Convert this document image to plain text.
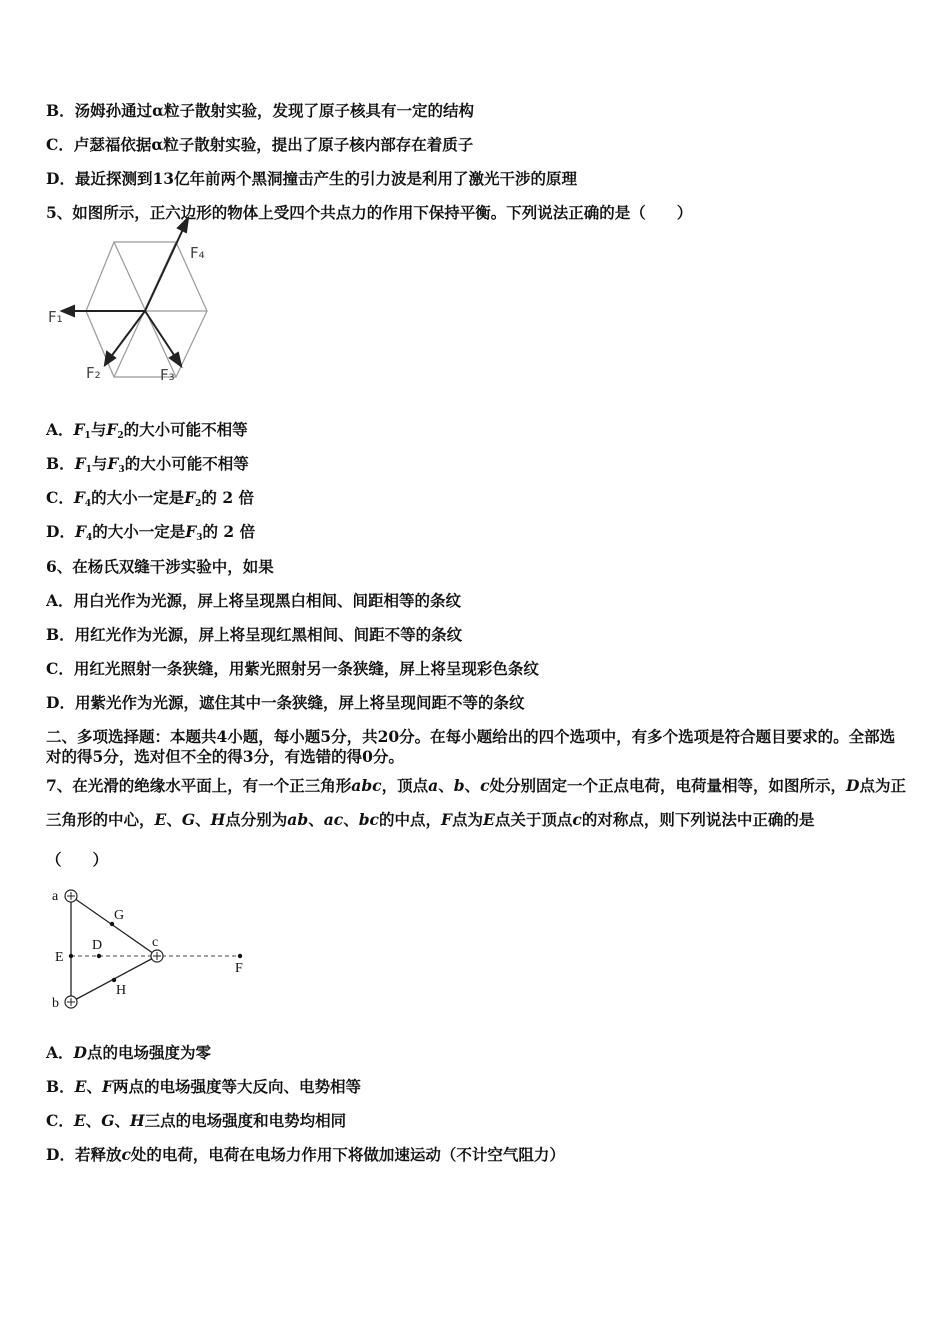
B．汤姆孙通过α粒子散射实验，发现了原子核具有一定的结构
C．卢瑟福依据α粒子散射实验，提出了原子核内部存在着质子
D．最近探测到13亿年前两个黑洞撞击产生的引力波是利用了激光干涉的原理
5、如图所示，正六边形的物体上受四个共点力的作用下保持平衡。下列说法正确的是（　　）
F₄
F₁
F₂	F₃
A．$F_1$与$F_2$的大小可能不相等
B．$F_1$与$F_3$的大小可能不相等
C．$F_4$的大小一定是$F_2$的 2 倍
D．$F_4$的大小一定是$F_3$的 2 倍
6、在杨氏双缝干涉实验中，如果
A．用白光作为光源，屏上将呈现黑白相间、间距相等的条纹
B．用红光作为光源，屏上将呈现红黑相间、间距不等的条纹
C．用红光照射一条狭缝，用紫光照射另一条狭缝，屏上将呈现彩色条纹
D．用紫光作为光源，遮住其中一条狭缝，屏上将呈现间距不等的条纹
二、多项选择题：本题共4小题，每小题5分，共20分。在每小题给出的四个选项中，有多个选项是符合题目要求的。全部选对的得5分，选对但不全的得3分，有选错的得0分。
7、在光滑的绝缘水平面上，有一个正三角形abc，顶点a、b、c处分别固定一个正点电荷，电荷量相等，如图所示，D点为正三角形的中心，E、G、H点分别为ab、ac、bc的中点，F点为E点关于顶点c的对称点，则下列说法中正确的是
（　　）
a
b
c
G
H
D
E
F
A．D点的电场强度为零
B．E、F两点的电场强度等大反向、电势相等
C．E、G、H三点的电场强度和电势均相同
D．若释放c处的电荷，电荷在电场力作用下将做加速运动（不计空气阻力）
